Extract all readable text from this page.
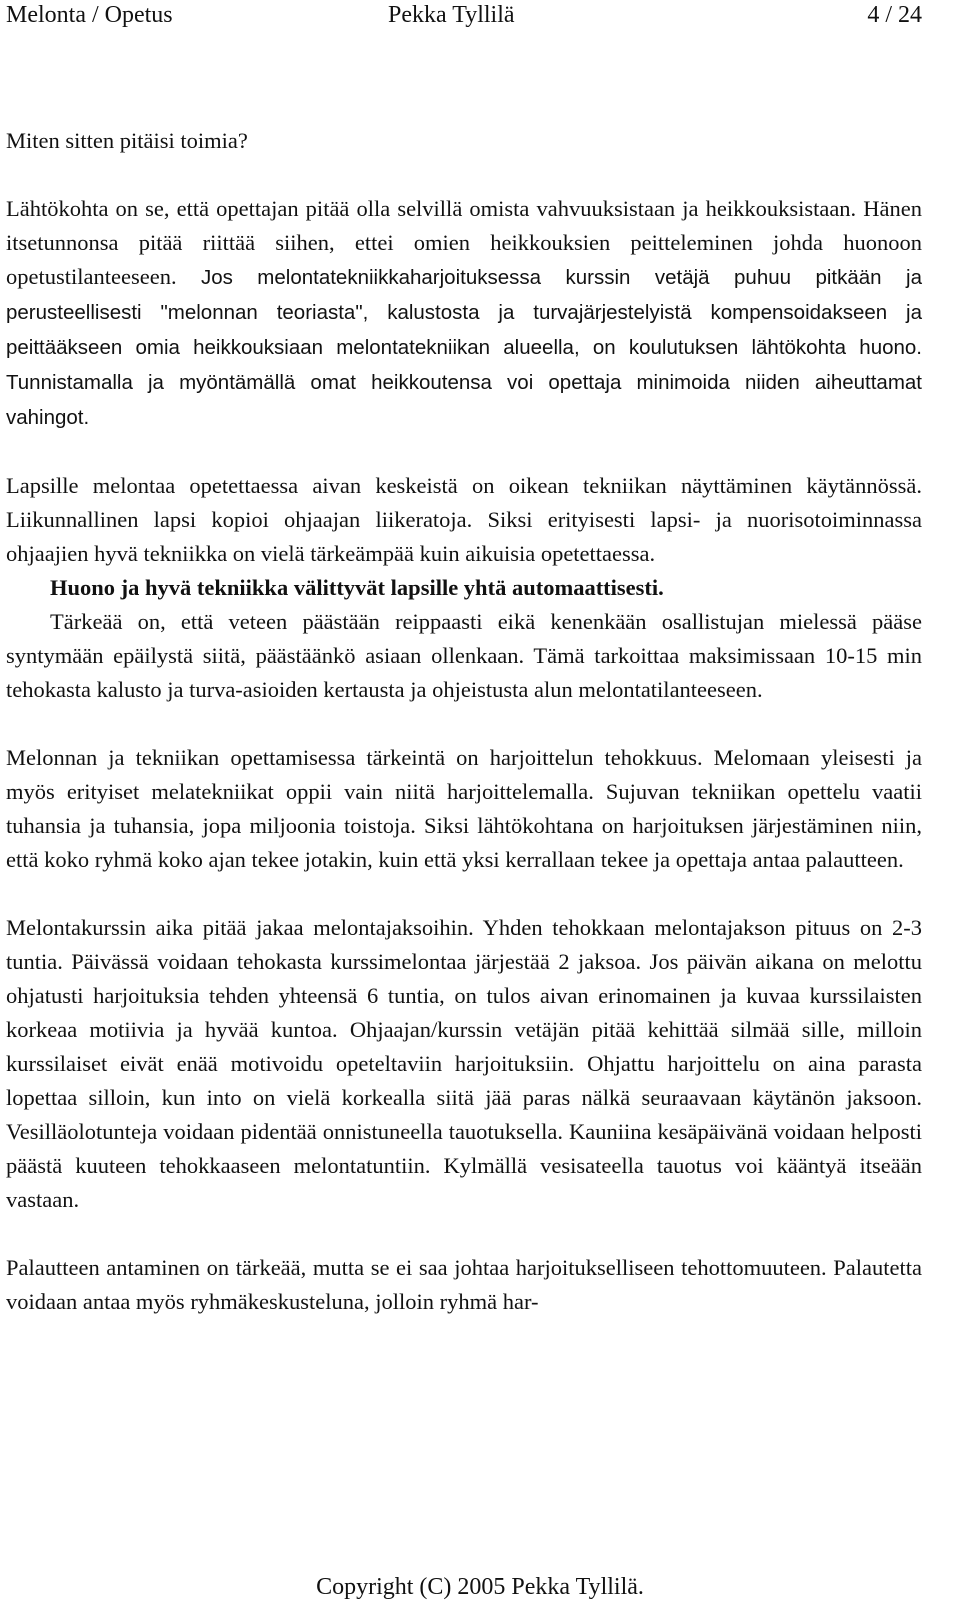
Melonta / Opetus	Pekka Tyllilä	4 / 24

Miten sitten pitäisi toimia?

Lähtökohta on se, että opettajan pitää olla selvillä omista vahvuuksistaan ja heikkouksistaan. Hänen itsetunnonsa pitää riittää siihen, ettei omien heikkouksien peitteleminen johda huonoon opetustilanteeseen. Jos melontatekniikkaharjoituksessa kurssin vetäjä puhuu pitkään ja perusteellisesti "melonnan teoriasta", kalustosta ja turvajärjestelyistä kompensoidakseen ja peittääkseen omia heikkouksiaan melontatekniikan alueella, on koulutuksen lähtökohta huono. Tunnistamalla ja myöntämällä omat heikkoutensa voi opettaja minimoida niiden aiheuttamat vahingot.

Lapsille melontaa opetettaessa aivan keskeistä on oikean tekniikan näyttäminen käytännössä. Liikunnallinen lapsi kopioi ohjaajan liikeratoja. Siksi erityisesti lapsi- ja nuorisotoiminnassa ohjaajien hyvä tekniikka on vielä tärkeämpää kuin aikuisia opetettaessa.

Huono ja hyvä tekniikka välittyvät lapsille yhtä automaattisesti.

Tärkeää on, että veteen päästään reippaasti eikä kenenkään osallistujan mielessä pääse syntymään epäilystä siitä, päästäänkö asiaan ollenkaan. Tämä tarkoittaa maksimissaan 10-15 min tehokasta kalusto ja turva-asioiden kertausta ja ohjeistusta alun melontatilanteeseen.

Melonnan ja tekniikan opettamisessa tärkeintä on harjoittelun tehokkuus. Melomaan yleisesti ja myös erityiset melatekniikat oppii vain niitä harjoittelemalla. Sujuvan tekniikan opettelu vaatii tuhansia ja tuhansia, jopa miljoonia toistoja. Siksi lähtökohtana on harjoituksen järjestäminen niin, että koko ryhmä koko ajan tekee jotakin, kuin että yksi kerrallaan tekee ja opettaja antaa palautteen.

Melontakurssin aika pitää jakaa melontajaksoihin. Yhden tehokkaan melontajakson pituus on 2-3 tuntia. Päivässä voidaan tehokasta kurssimelontaa järjestää 2 jaksoa. Jos päivän aikana on melottu ohjatusti harjoituksia tehden yhteensä 6 tuntia, on tulos aivan erinomainen ja kuvaa kurssilaisten korkeaa motiivia ja hyvää kuntoa. Ohjaajan/kurssin vetäjän pitää kehittää silmää sille, milloin kurssilaiset eivät enää motivoidu opeteltaviin harjoituksiin. Ohjattu harjoittelu on aina parasta lopettaa silloin, kun into on vielä korkealla siitä jää paras nälkä seuraavaan käytänön jaksoon. Vesilläolotunteja voidaan pidentää onnistuneella tauotuksella. Kauniina kesäpäivänä voidaan helposti päästä kuuteen tehokkaaseen melontatuntiin. Kylmällä vesisateella tauotus voi kääntyä itseään vastaan.

Palautteen antaminen on tärkeää, mutta se ei saa johtaa harjoitukselliseen tehottomuuteen. Palautetta voidaan antaa myös ryhmäkeskusteluna, jolloin ryhmä har-

Copyright (C) 2005 Pekka Tyllilä.
